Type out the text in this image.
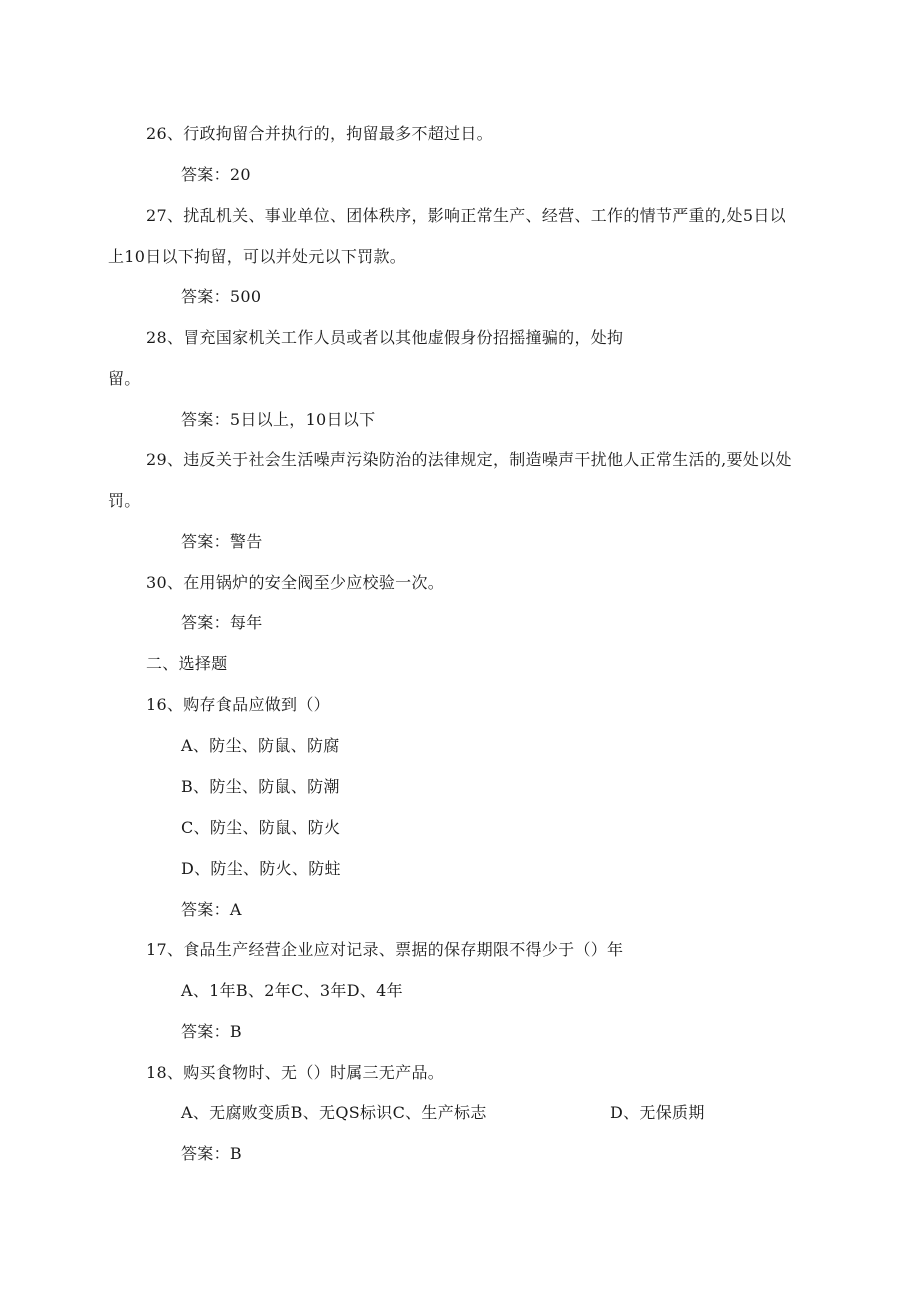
26、行政拘留合并执行的，拘留最多不超过日。
答案：20
27、扰乱机关、事业单位、团体秩序，影响正常生产、经营、工作的情节严重的,处5日以
上10日以下拘留，可以并处元以下罚款。
答案：500
28、冒充国家机关工作人员或者以其他虚假身份招摇撞骗的，处拘
留。
答案：5日以上，10日以下
29、违反关于社会生活噪声污染防治的法律规定，制造噪声干扰他人正常生活的,要处以处
罚。
答案：警告
30、在用锅炉的安全阀至少应校验一次。
答案：每年
二、选择题
16、购存食品应做到（）
A、防尘、防鼠、防腐
B、防尘、防鼠、防潮
C、防尘、防鼠、防火
D、防尘、防火、防蛀
答案：A
17、食品生产经营企业应对记录、票据的保存期限不得少于（）年
A、1年B、2年C、3年D、4年
答案：B
18、购买食物时、无（）时属三无产品。
A、无腐败变质B、无QS标识C、生产标志	D、无保质期
答案：B
